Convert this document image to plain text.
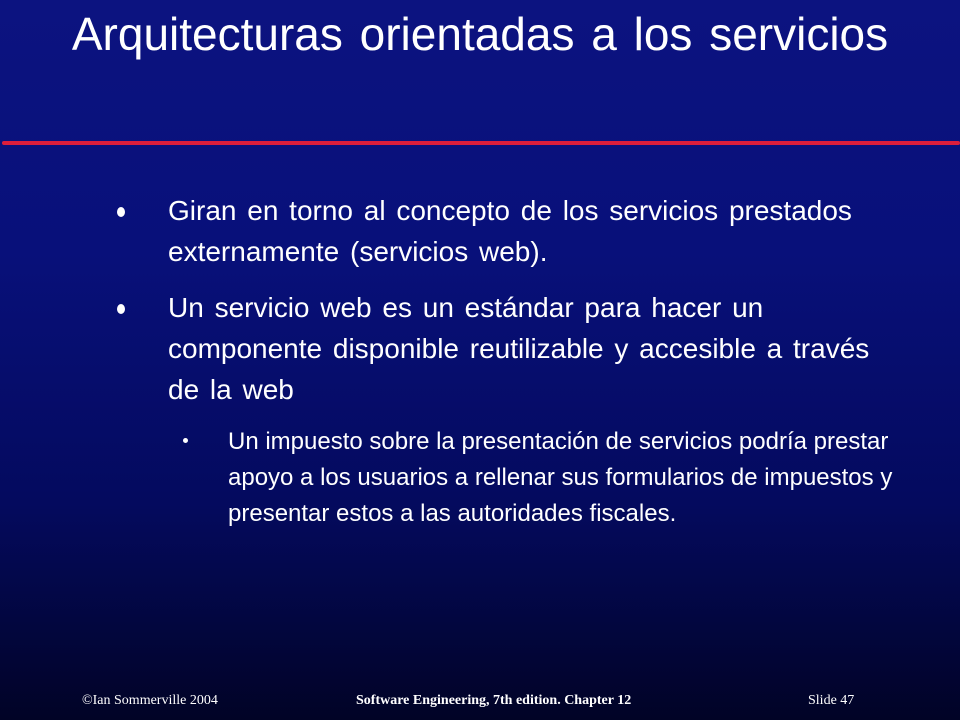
Arquitecturas orientadas a los servicios
Giran en torno al concepto de los servicios prestados externamente (servicios web).
Un servicio web es un estándar para hacer un componente disponible reutilizable y accesible a través de la web
Un impuesto sobre la presentación de servicios podría prestar apoyo a los usuarios a rellenar sus formularios de impuestos y presentar estos a las autoridades fiscales.
©Ian Sommerville 2004	Software Engineering, 7th edition. Chapter 12	Slide 47
